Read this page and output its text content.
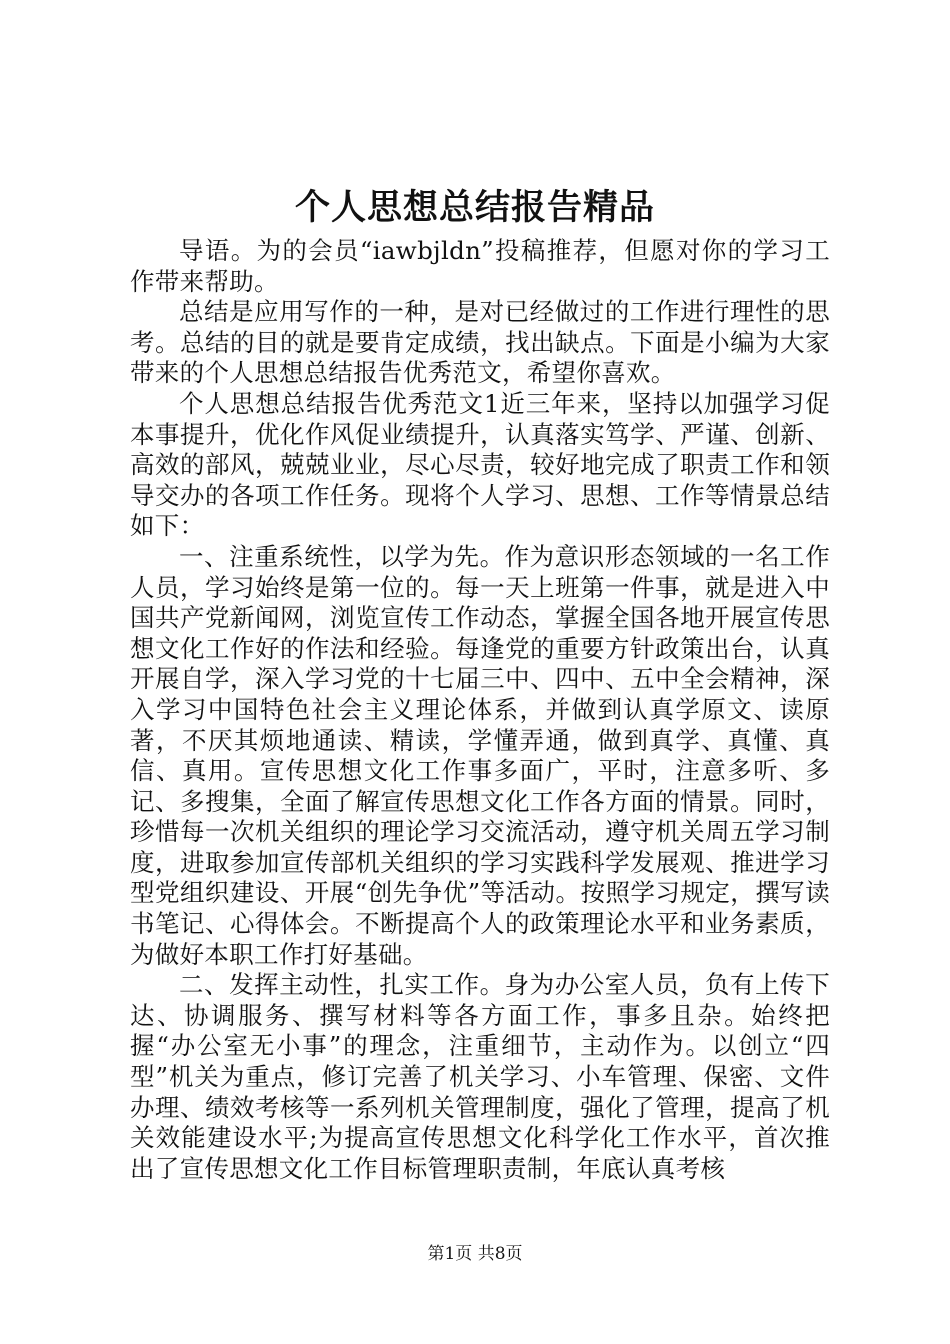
个人思想总结报告精品

导语。为的会员“iawbjldn”投稿推荐，但愿对你的学习工作带来帮助。

总结是应用写作的一种，是对已经做过的工作进行理性的思考。总结的目的就是要肯定成绩，找出缺点。下面是小编为大家带来的个人思想总结报告优秀范文，希望你喜欢。

个人思想总结报告优秀范文1近三年来，坚持以加强学习促本事提升，优化作风促业绩提升，认真落实笃学、严谨、创新、高效的部风，兢兢业业，尽心尽责，较好地完成了职责工作和领导交办的各项工作任务。现将个人学习、思想、工作等情景总结如下：

一、注重系统性，以学为先。作为意识形态领域的一名工作人员，学习始终是第一位的。每一天上班第一件事，就是进入中国共产党新闻网，浏览宣传工作动态，掌握全国各地开展宣传思想文化工作好的作法和经验。每逢党的重要方针政策出台，认真开展自学，深入学习党的十七届三中、四中、五中全会精神，深入学习中国特色社会主义理论体系，并做到认真学原文、读原著，不厌其烦地通读、精读，学懂弄通，做到真学、真懂、真信、真用。宣传思想文化工作事多面广，平时，注意多听、多记、多搜集，全面了解宣传思想文化工作各方面的情景。同时，珍惜每一次机关组织的理论学习交流活动，遵守机关周五学习制度，进取参加宣传部机关组织的学习实践科学发展观、推进学习型党组织建设、开展“创先争优”等活动。按照学习规定，撰写读书笔记、心得体会。不断提高个人的政策理论水平和业务素质，为做好本职工作打好基础。

二、发挥主动性，扎实工作。身为办公室人员，负有上传下达、协调服务、撰写材料等各方面工作，事多且杂。始终把握“办公室无小事”的理念，注重细节，主动作为。以创立“四型”机关为重点，修订完善了机关学习、小车管理、保密、文件办理、绩效考核等一系列机关管理制度，强化了管理，提高了机关效能建设水平;为提高宣传思想文化科学化工作水平，首次推出了宣传思想文化工作目标管理职责制，年底认真考核

第1页 共8页
